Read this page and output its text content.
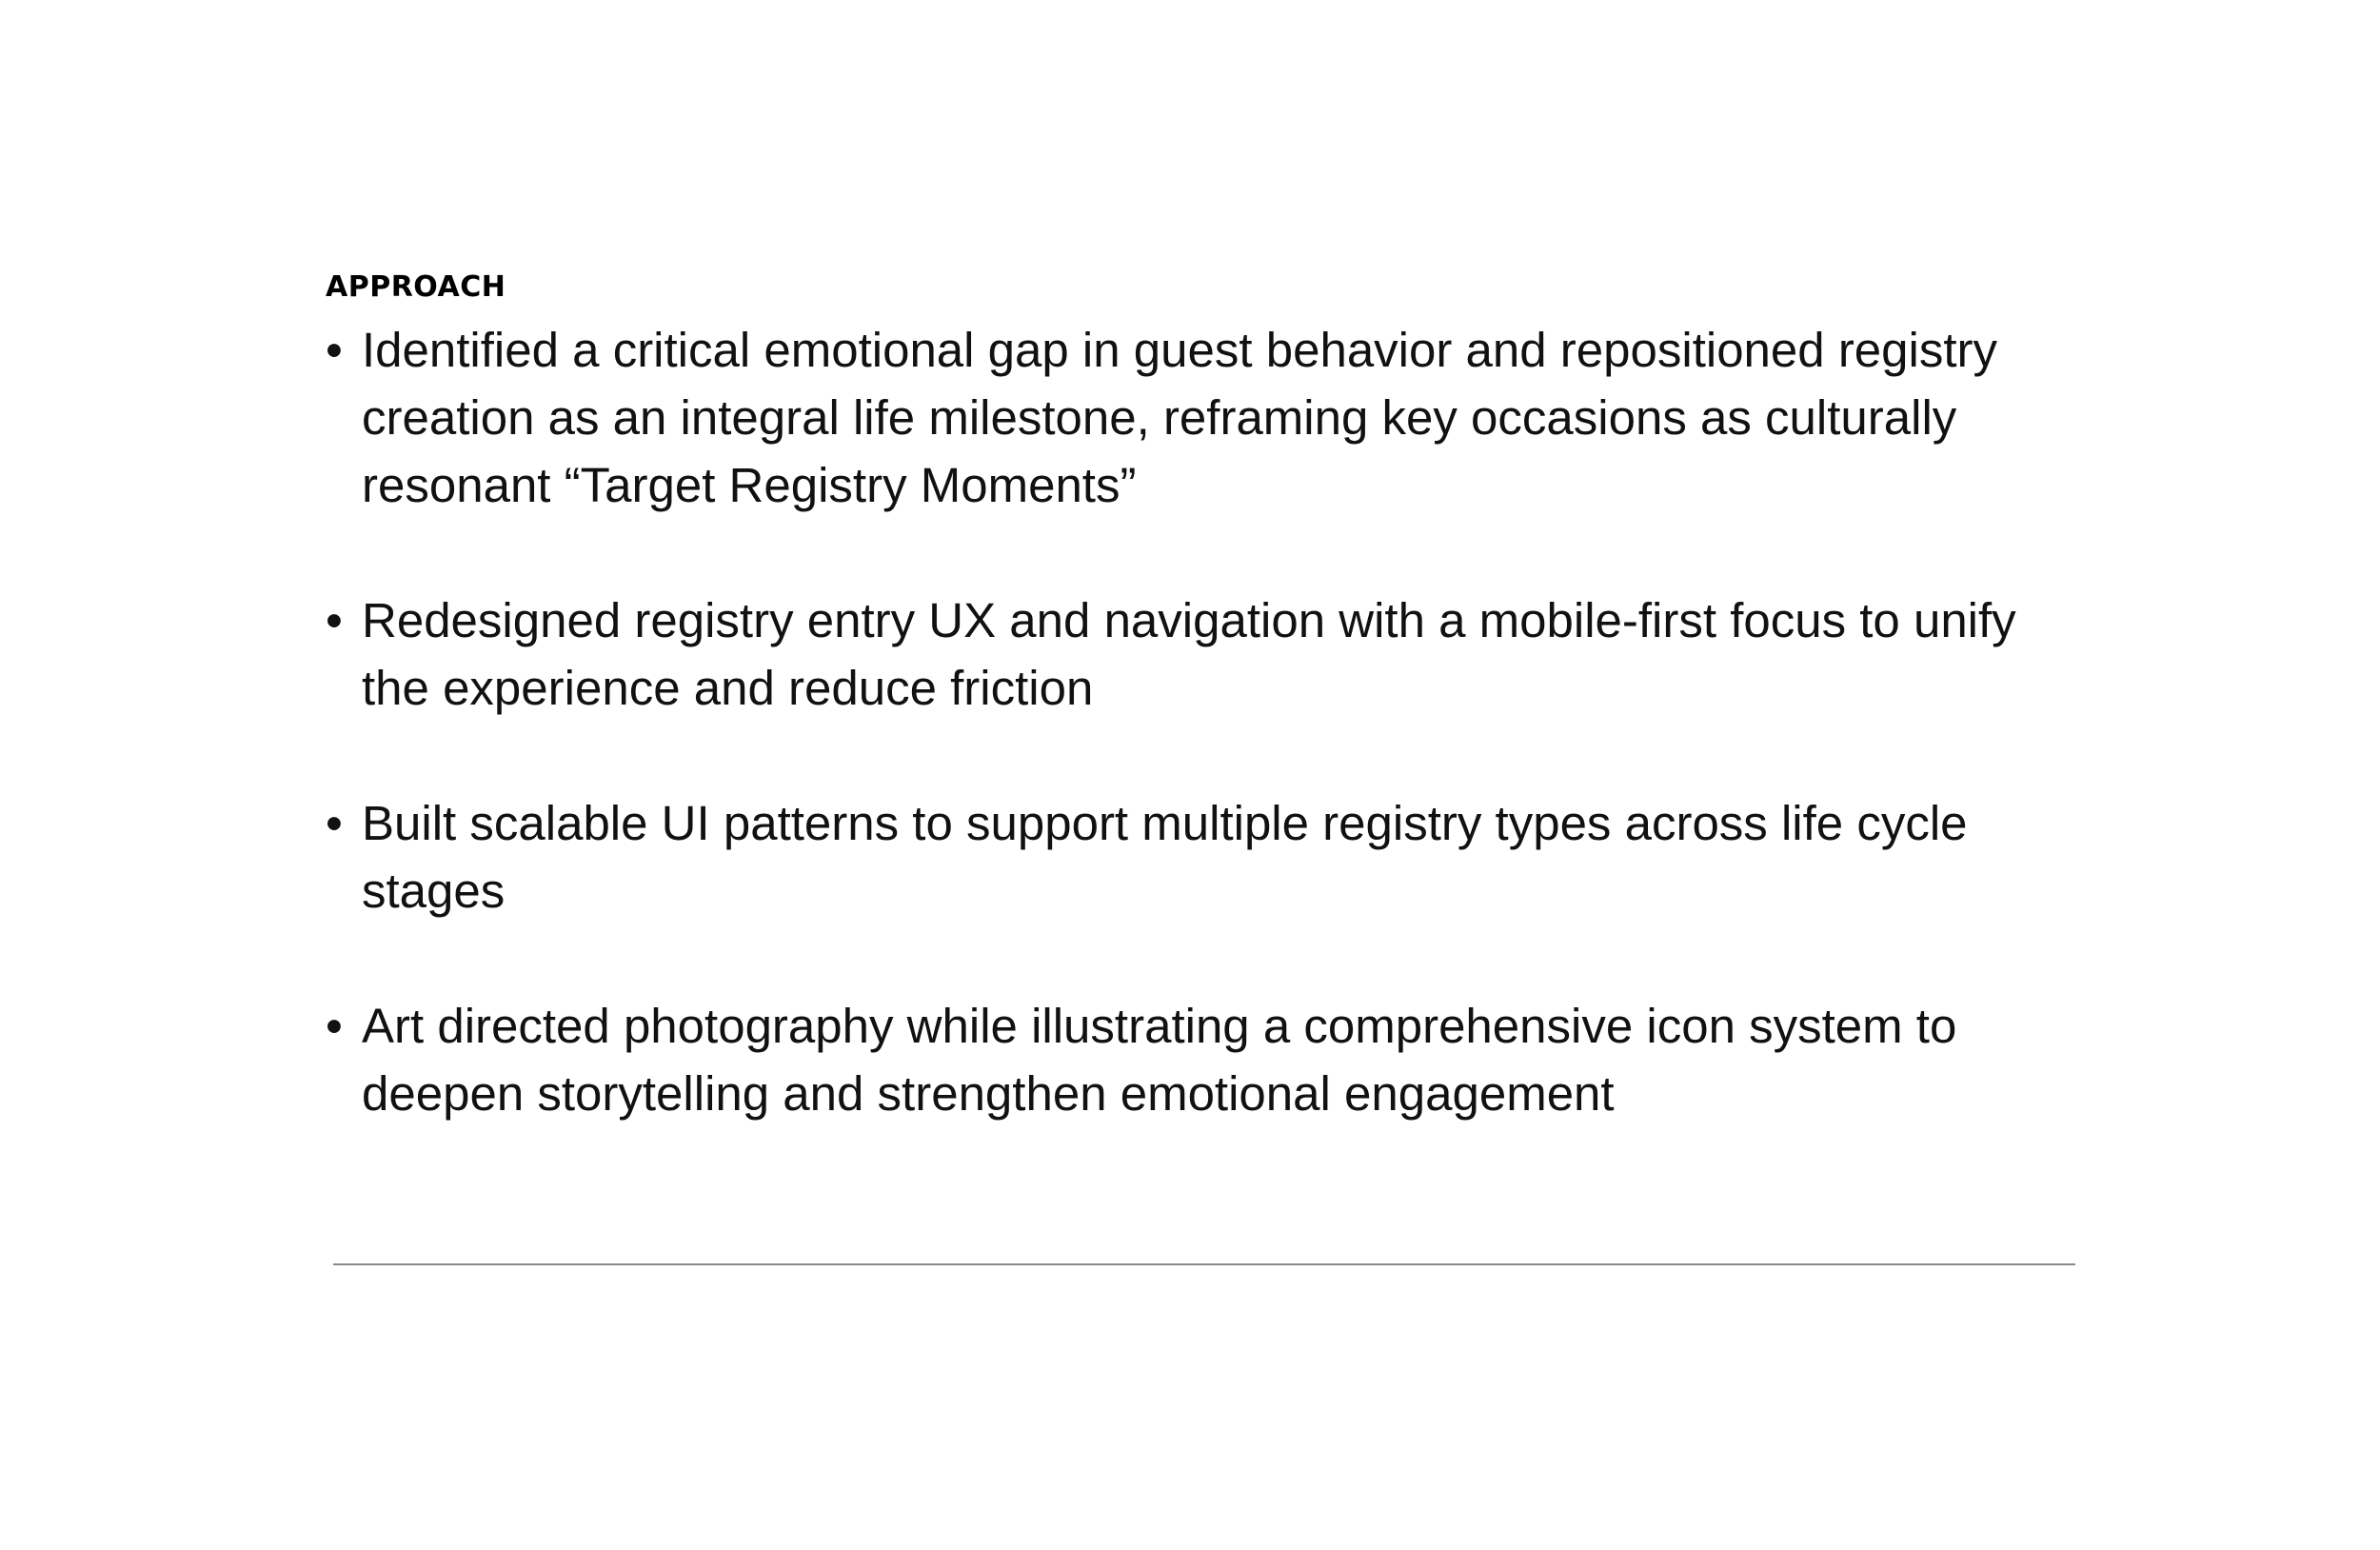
APPROACH
• Identified a critical emotional gap in guest behavior and repositioned registry creation as an integral life milestone, reframing key occasions as culturally resonant “Target Registry Moments”
• Redesigned registry entry UX and navigation with a mobile-first focus to unify the experience and reduce friction
• Built scalable UI patterns to support multiple registry types across life cycle stages
• Art directed photography while illustrating a comprehensive icon system to deepen storytelling and strengthen emotional engagement
